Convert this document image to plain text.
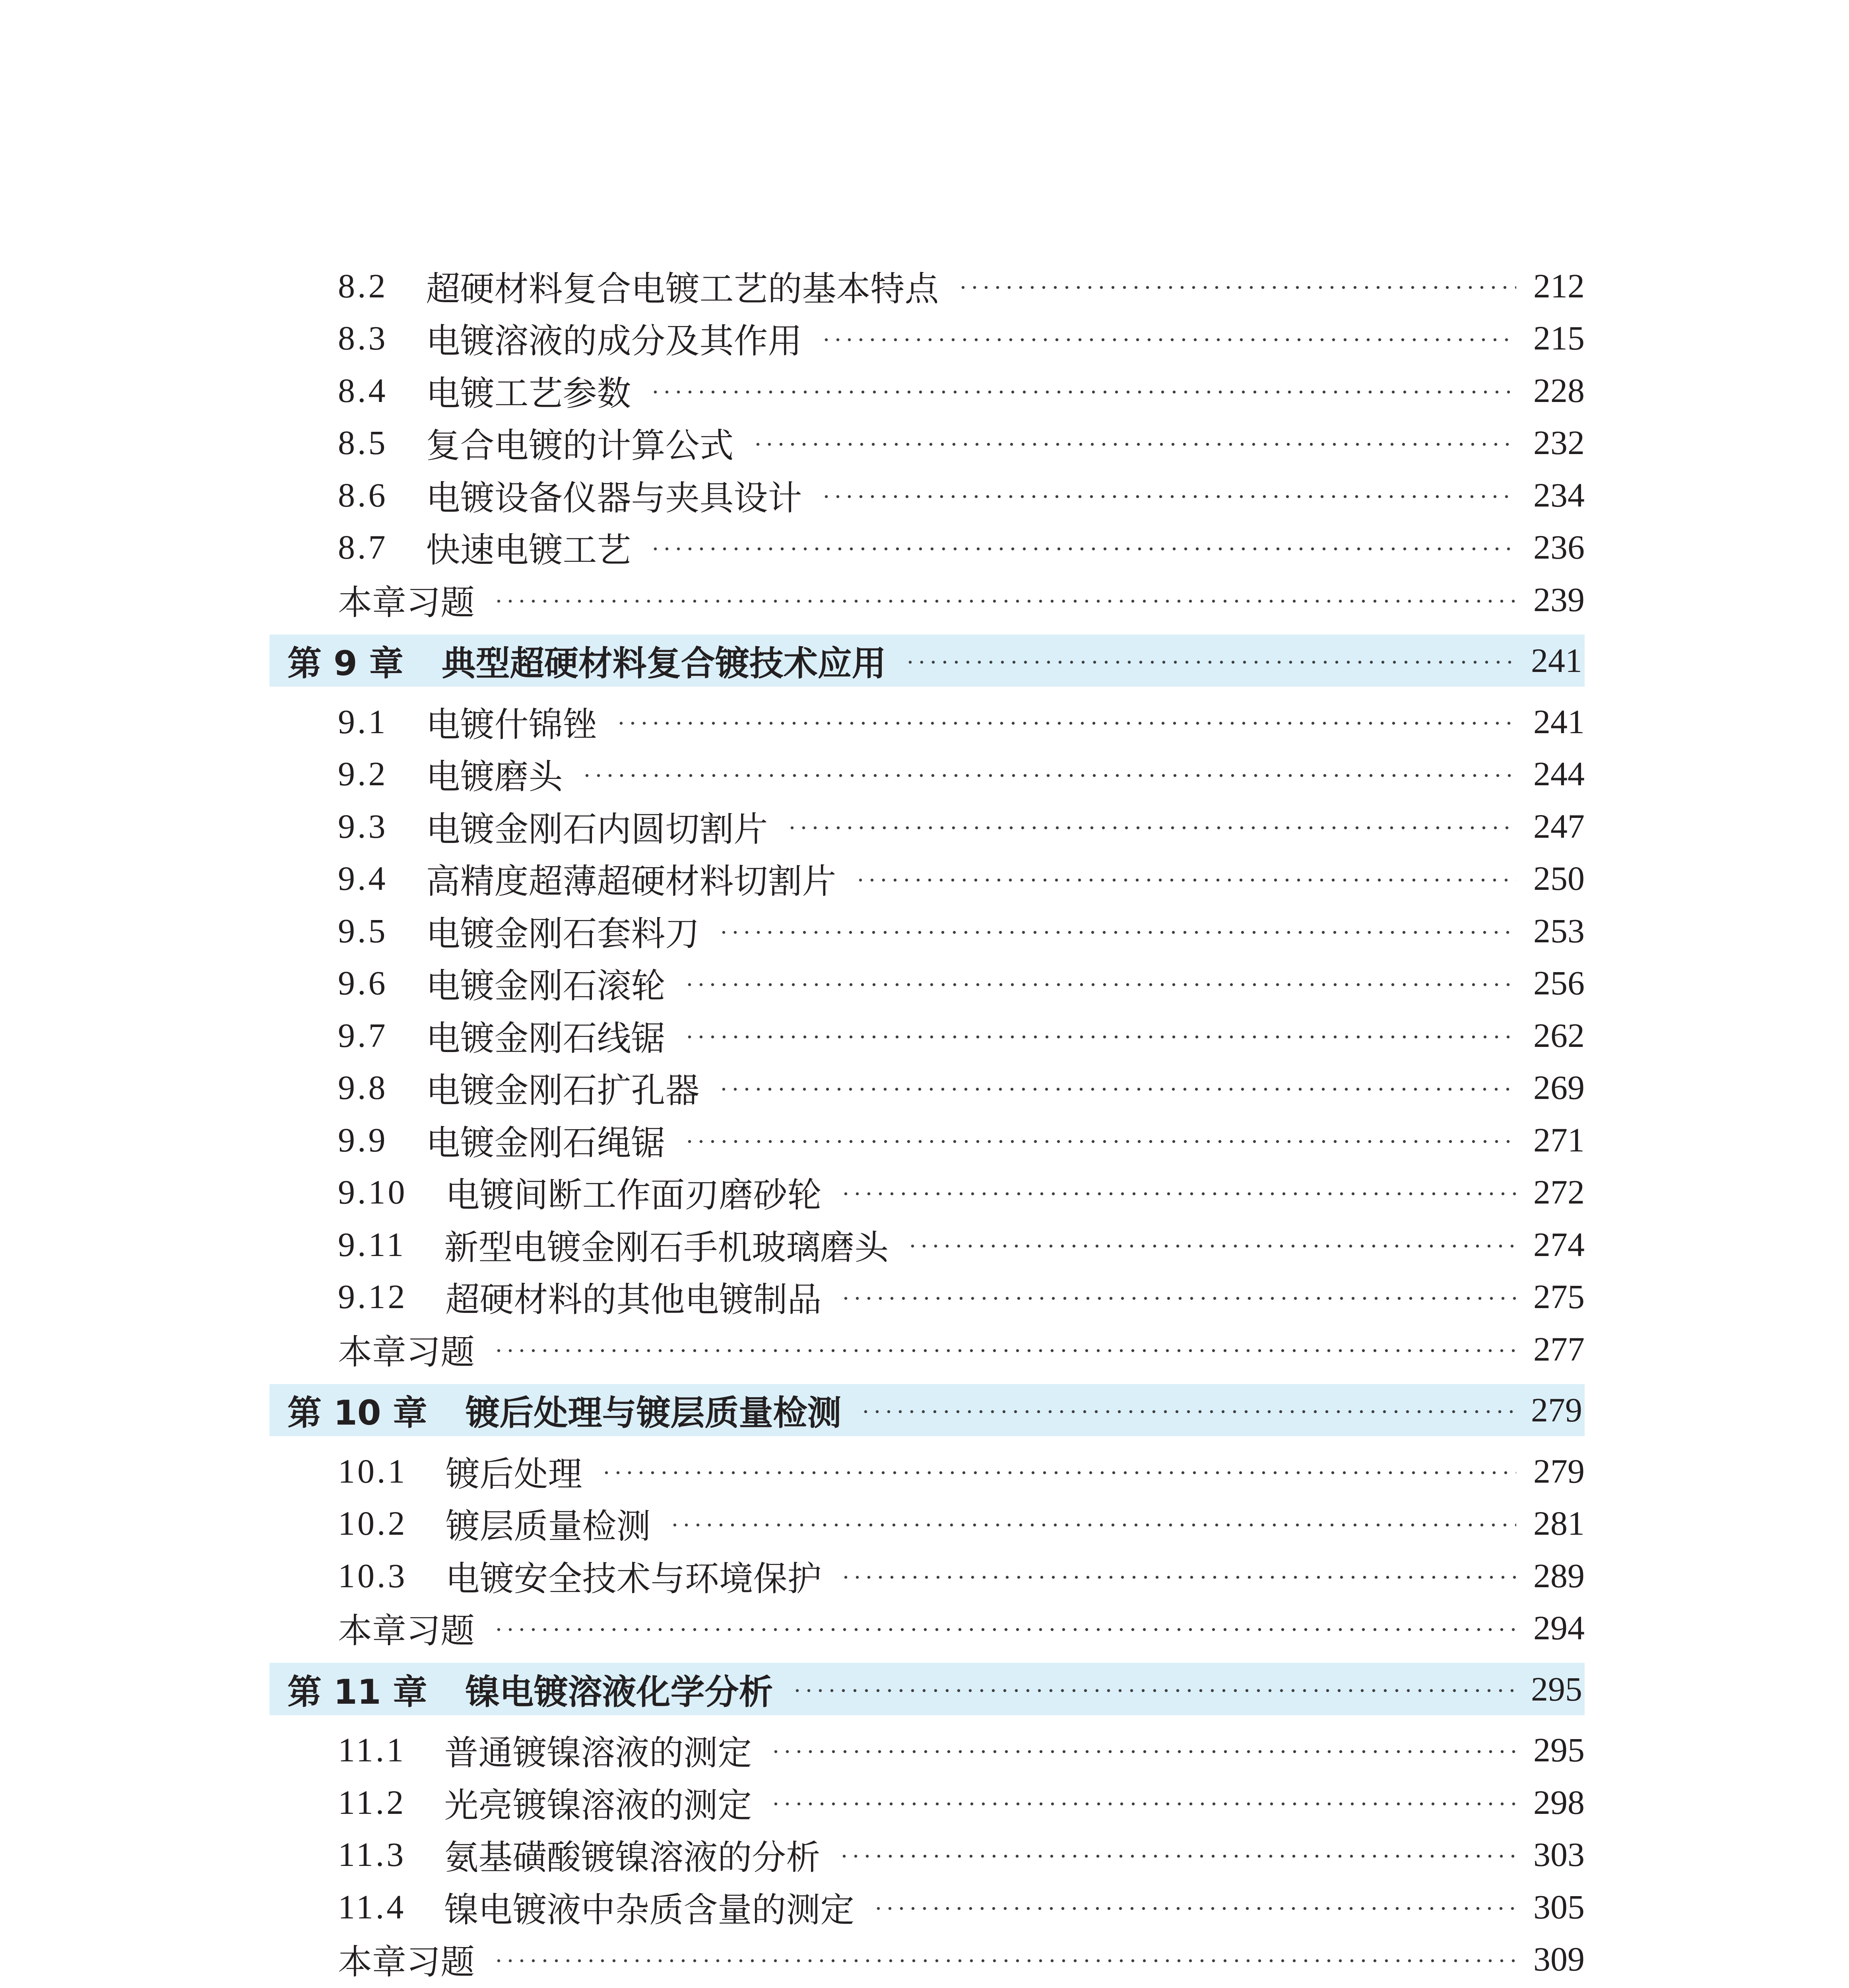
8.2 超硬材料复合电镀工艺的基本特点	212
8.3 电镀溶液的成分及其作用	215
8.4 电镀工艺参数	228
8.5 复合电镀的计算公式	232
8.6 电镀设备仪器与夹具设计	234
8.7 快速电镀工艺	236
本章习题	239
第 9 章 典型超硬材料复合镀技术应用	241
9.1 电镀什锦锉	241
9.2 电镀磨头	244
9.3 电镀金刚石内圆切割片	247
9.4 高精度超薄超硬材料切割片	250
9.5 电镀金刚石套料刀	253
9.6 电镀金刚石滚轮	256
9.7 电镀金刚石线锯	262
9.8 电镀金刚石扩孔器	269
9.9 电镀金刚石绳锯	271
9.10 电镀间断工作面刃磨砂轮	272
9.11 新型电镀金刚石手机玻璃磨头	274
9.12 超硬材料的其他电镀制品	275
本章习题	277
第 10 章 镀后处理与镀层质量检测	279
10.1 镀后处理	279
10.2 镀层质量检测	281
10.3 电镀安全技术与环境保护	289
本章习题	294
第 11 章 镍电镀溶液化学分析	295
11.1 普通镀镍溶液的测定	295
11.2 光亮镀镍溶液的测定	298
11.3 氨基磺酸镀镍溶液的分析	303
11.4 镍电镀液中杂质含量的测定	305
本章习题	309
